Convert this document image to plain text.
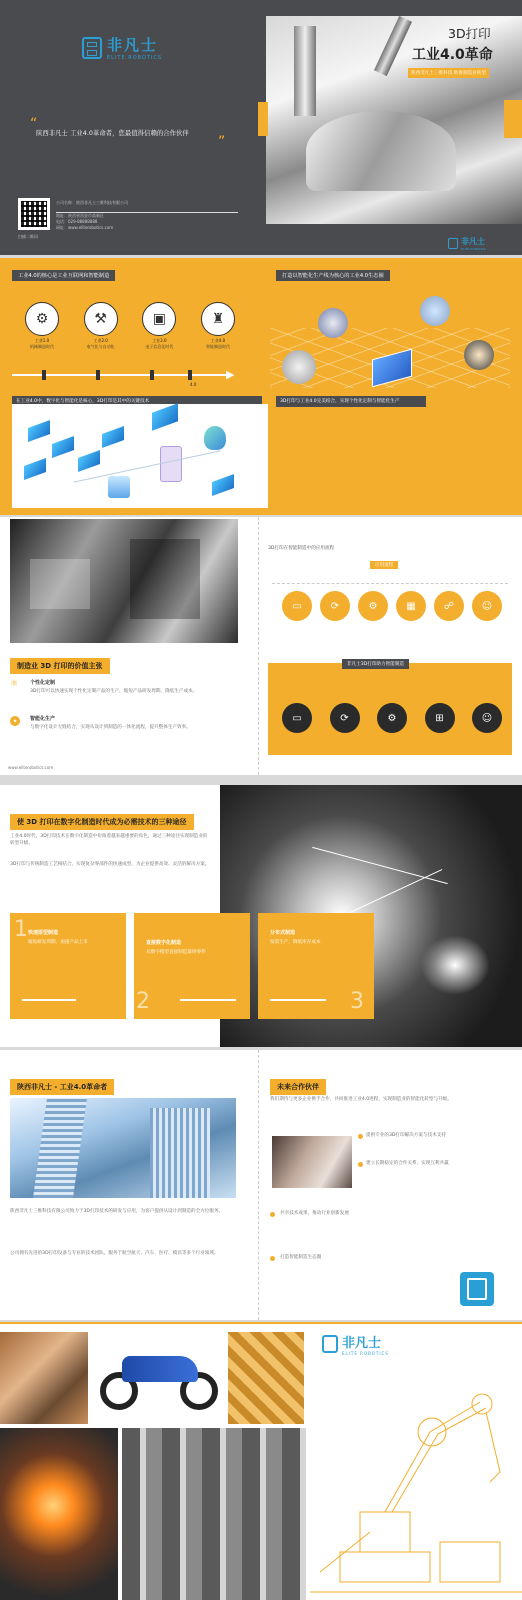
非凡士
ELITE ROBOTICS
“
陕西非凡士 工业4.0革命者，您最值得信赖的合作伙伴
”
扫描二维码
公司名称：陕西非凡士三维科技有限公司
地址：陕西省西安市高新区
电话：029-88888888
网址：www.eliterobotics.com
3D打印
工业4.0革命
陕西非凡士三维科技 助推制造业转型
非凡士
ELITE ROBOTICS
工业4.0的核心是工业互联网和智能制造
⚙
工业1.0
机械制造时代
⚒
工业2.0
电气化与自动化
▣
工业3.0
电子信息化时代
♜
工业4.0
智能制造时代
▶
4.0
打造以智能化生产线为核心的工业4.0生态圈
在工业4.0中，数字化与智能化是核心，3D打印是其中的关键技术	3D打印与工业4.0完美结合，实现个性化定制与智能化生产
TO BE
CONTINUED
制造业 3D 打印的价值主张
⚛ 个性化定制
3D打印可以快速实现个性化定制产品的生产，缩短产品研发周期，降低生产成本。
✦	智能化生产
与数字化设计无缝结合，实现从设计到制造的一体化流程，提升整体生产效率。
www.eliterobotics.com
3D打印在智能制造中的应用流程
应用流程
▭	⟳	⚙	▦	☍	☺
非凡士3D打印助力智能制造
▭	⟳	⚙	⊞	☺
使 3D 打印在数字化制造时代成为必需技术的三种途径
工业4.0时代，3D打印技术在数字化制造中扮演着越来越重要的角色，通过三种途径实现制造业的转型升级。
3D打印与传统制造工艺相结合，实现复杂零部件的快速成型，为企业提供高效、灵活的解决方案。
1 快速原型制造
缩短研发周期，加速产品上市	直接数字化制造
从数字模型直接制造最终零件
2
分布式制造
按需生产，降低库存成本
3
陕西非凡士 - 工业4.0革命者
陕西非凡士三维科技有限公司致力于3D打印技术的研发与应用，为客户提供从设计到制造的全方位服务。
公司拥有先进的3D打印设备与专业的技术团队，服务于航空航天、汽车、医疗、模具等多个行业领域。
未来合作伙伴
我们期待与更多企业携手合作，共同推进工业4.0进程，实现制造业的智能化转型与升级。
提供专业的3D打印解决方案与技术支持
建立长期稳定的合作关系，实现互利共赢
共享技术成果，推动行业创新发展
打造智能制造生态圈
非凡士
ELITE ROBOTICS
